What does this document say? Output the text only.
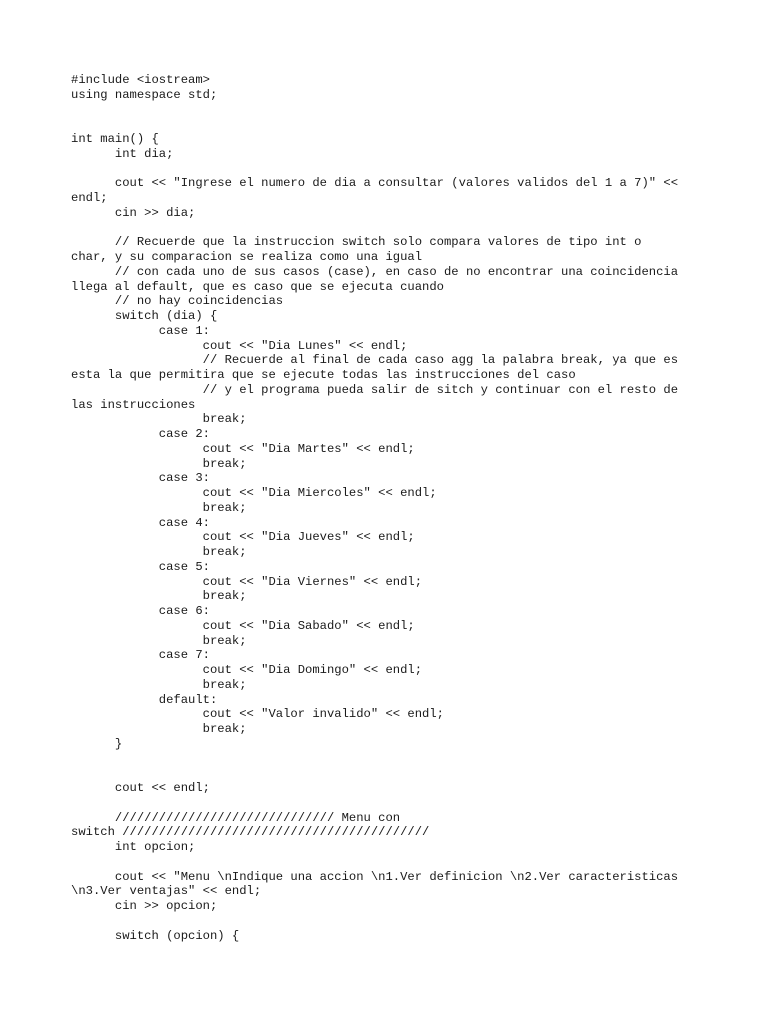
#include <iostream>
using namespace std;
int main() {
int dia;
cout << "Ingrese el numero de dia a consultar (valores validos del 1 a 7)" <<
endl;
cin >> dia;
// Recuerde que la instruccion switch solo compara valores de tipo int o
char, y su comparacion se realiza como una igual
// con cada uno de sus casos (case), en caso de no encontrar una coincidencia
llega al default, que es caso que se ejecuta cuando
// no hay coincidencias
switch (dia) {
case 1:
cout << "Dia Lunes" << endl;
// Recuerde al final de cada caso agg la palabra break, ya que es
esta la que permitira que se ejecute todas las instrucciones del caso
// y el programa pueda salir de sitch y continuar con el resto de
las instrucciones
break;
case 2:
cout << "Dia Martes" << endl;
break;
case 3:
cout << "Dia Miercoles" << endl;
break;
case 4:
cout << "Dia Jueves" << endl;
break;
case 5:
cout << "Dia Viernes" << endl;
break;
case 6:
cout << "Dia Sabado" << endl;
break;
case 7:
cout << "Dia Domingo" << endl;
break;
default:
cout << "Valor invalido" << endl;
break;
}
cout << endl;
////////////////////////////// Menu con
switch //////////////////////////////////////////
int opcion;
cout << "Menu \nIndique una accion \n1.Ver definicion \n2.Ver caracteristicas
\n3.Ver ventajas" << endl;
cin >> opcion;
switch (opcion) {
